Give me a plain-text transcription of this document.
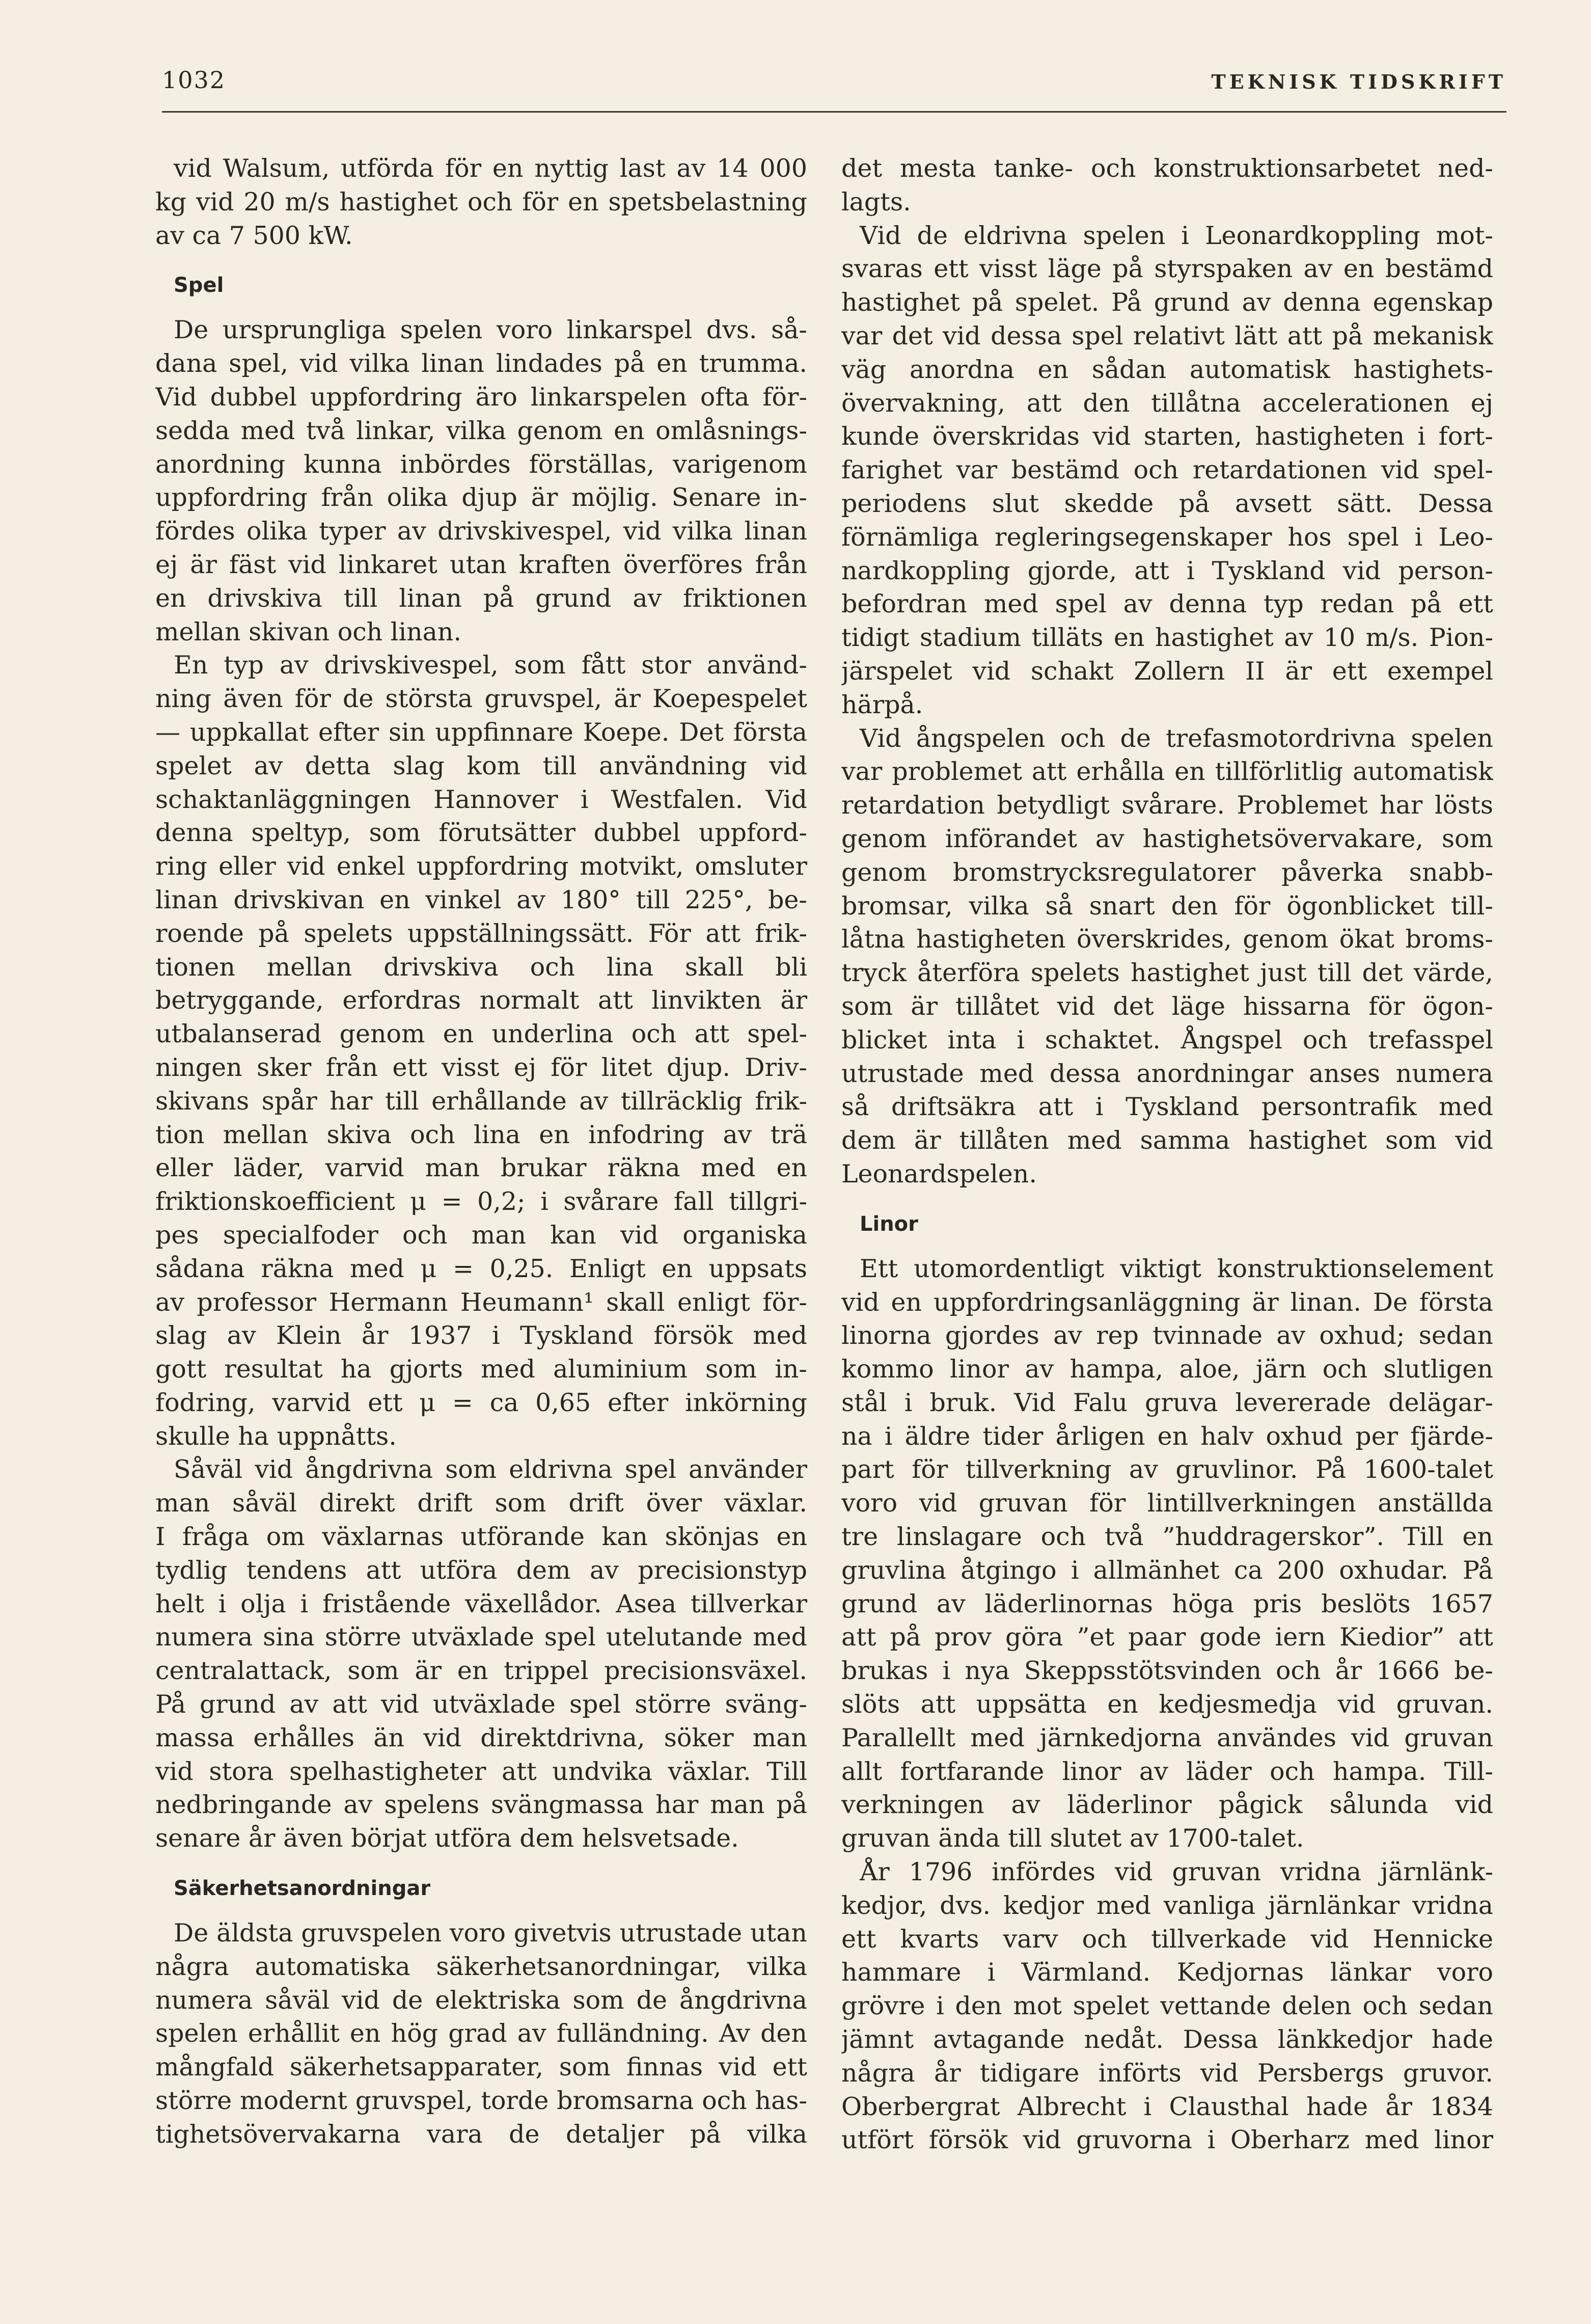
1032	TEKNISK TIDSKRIFT
vid Walsum, utförda för en nyttig last av 14 000
kg vid 20 m/s hastighet och för en spetsbelastning
av ca 7 500 kW.
Spel
De ursprungliga spelen voro linkarspel dvs. så-
dana spel, vid vilka linan lindades på en trumma.
Vid dubbel uppfordring äro linkarspelen ofta för-
sedda med två linkar, vilka genom en omlåsnings-
anordning kunna inbördes förställas, varigenom
uppfordring från olika djup är möjlig. Senare in-
fördes olika typer av drivskivespel, vid vilka linan
ej är fäst vid linkaret utan kraften överföres från
en drivskiva till linan på grund av friktionen
mellan skivan och linan.
En typ av drivskivespel, som fått stor använd-
ning även för de största gruvspel, är Koepespelet
— uppkallat efter sin uppfinnare Koepe. Det första
spelet av detta slag kom till användning vid
schaktanläggningen Hannover i Westfalen. Vid
denna speltyp, som förutsätter dubbel uppford-
ring eller vid enkel uppfordring motvikt, omsluter
linan drivskivan en vinkel av 180° till 225°, be-
roende på spelets uppställningssätt. För att frik-
tionen mellan drivskiva och lina skall bli
betryggande, erfordras normalt att linvikten är
utbalanserad genom en underlina och att spel-
ningen sker från ett visst ej för litet djup. Driv-
skivans spår har till erhållande av tillräcklig frik-
tion mellan skiva och lina en infodring av trä
eller läder, varvid man brukar räkna med en
friktionskoefficient μ = 0,2; i svårare fall tillgri-
pes specialfoder och man kan vid organiska
sådana räkna med μ = 0,25. Enligt en uppsats
av professor Hermann Heumann¹ skall enligt för-
slag av Klein år 1937 i Tyskland försök med
gott resultat ha gjorts med aluminium som in-
fodring, varvid ett μ = ca 0,65 efter inkörning
skulle ha uppnåtts.
Såväl vid ångdrivna som eldrivna spel använder
man såväl direkt drift som drift över växlar.
I fråga om växlarnas utförande kan skönjas en
tydlig tendens att utföra dem av precisionstyp
helt i olja i fristående växellådor. Asea tillverkar
numera sina större utväxlade spel utelutande med
centralattack, som är en trippel precisionsväxel.
På grund av att vid utväxlade spel större sväng-
massa erhålles än vid direktdrivna, söker man
vid stora spelhastigheter att undvika växlar. Till
nedbringande av spelens svängmassa har man på
senare år även börjat utföra dem helsvetsade.
Säkerhetsanordningar
De äldsta gruvspelen voro givetvis utrustade utan
några automatiska säkerhetsanordningar, vilka
numera såväl vid de elektriska som de ångdrivna
spelen erhållit en hög grad av fulländning. Av den
mångfald säkerhetsapparater, som finnas vid ett
större modernt gruvspel, torde bromsarna och has-
tighetsövervakarna vara de detaljer på vilka
det mesta tanke- och konstruktionsarbetet ned-
lagts.
Vid de eldrivna spelen i Leonardkoppling mot-
svaras ett visst läge på styrspaken av en bestämd
hastighet på spelet. På grund av denna egenskap
var det vid dessa spel relativt lätt att på mekanisk
väg anordna en sådan automatisk hastighets-
övervakning, att den tillåtna accelerationen ej
kunde överskridas vid starten, hastigheten i fort-
farighet var bestämd och retardationen vid spel-
periodens slut skedde på avsett sätt. Dessa
förnämliga regleringsegenskaper hos spel i Leo-
nardkoppling gjorde, att i Tyskland vid person-
befordran med spel av denna typ redan på ett
tidigt stadium tilläts en hastighet av 10 m/s. Pion-
järspelet vid schakt Zollern II är ett exempel
härpå.
Vid ångspelen och de trefasmotordrivna spelen
var problemet att erhålla en tillförlitlig automatisk
retardation betydligt svårare. Problemet har lösts
genom införandet av hastighetsövervakare, som
genom bromstrycksregulatorer påverka snabb-
bromsar, vilka så snart den för ögonblicket till-
låtna hastigheten överskrides, genom ökat broms-
tryck återföra spelets hastighet just till det värde,
som är tillåtet vid det läge hissarna för ögon-
blicket inta i schaktet. Ångspel och trefasspel
utrustade med dessa anordningar anses numera
så driftsäkra att i Tyskland persontrafik med
dem är tillåten med samma hastighet som vid
Leonardspelen.
Linor
Ett utomordentligt viktigt konstruktionselement
vid en uppfordringsanläggning är linan. De första
linorna gjordes av rep tvinnade av oxhud; sedan
kommo linor av hampa, aloe, järn och slutligen
stål i bruk. Vid Falu gruva levererade delägar-
na i äldre tider årligen en halv oxhud per fjärde-
part för tillverkning av gruvlinor. På 1600-talet
voro vid gruvan för lintillverkningen anställda
tre linslagare och två ”huddragerskor”. Till en
gruvlina åtgingo i allmänhet ca 200 oxhudar. På
grund av läderlinornas höga pris beslöts 1657
att på prov göra ”et paar gode iern Kiedior” att
brukas i nya Skeppsstötsvinden och år 1666 be-
slöts att uppsätta en kedjesmedja vid gruvan.
Parallellt med järnkedjorna användes vid gruvan
allt fortfarande linor av läder och hampa. Till-
verkningen av läderlinor pågick sålunda vid
gruvan ända till slutet av 1700-talet.
År 1796 infördes vid gruvan vridna järnlänk-
kedjor, dvs. kedjor med vanliga järnlänkar vridna
ett kvarts varv och tillverkade vid Hennicke
hammare i Värmland. Kedjornas länkar voro
grövre i den mot spelet vettande delen och sedan
jämnt avtagande nedåt. Dessa länkkedjor hade
några år tidigare införts vid Persbergs gruvor.
Oberbergrat Albrecht i Clausthal hade år 1834
utfört försök vid gruvorna i Oberharz med linor
